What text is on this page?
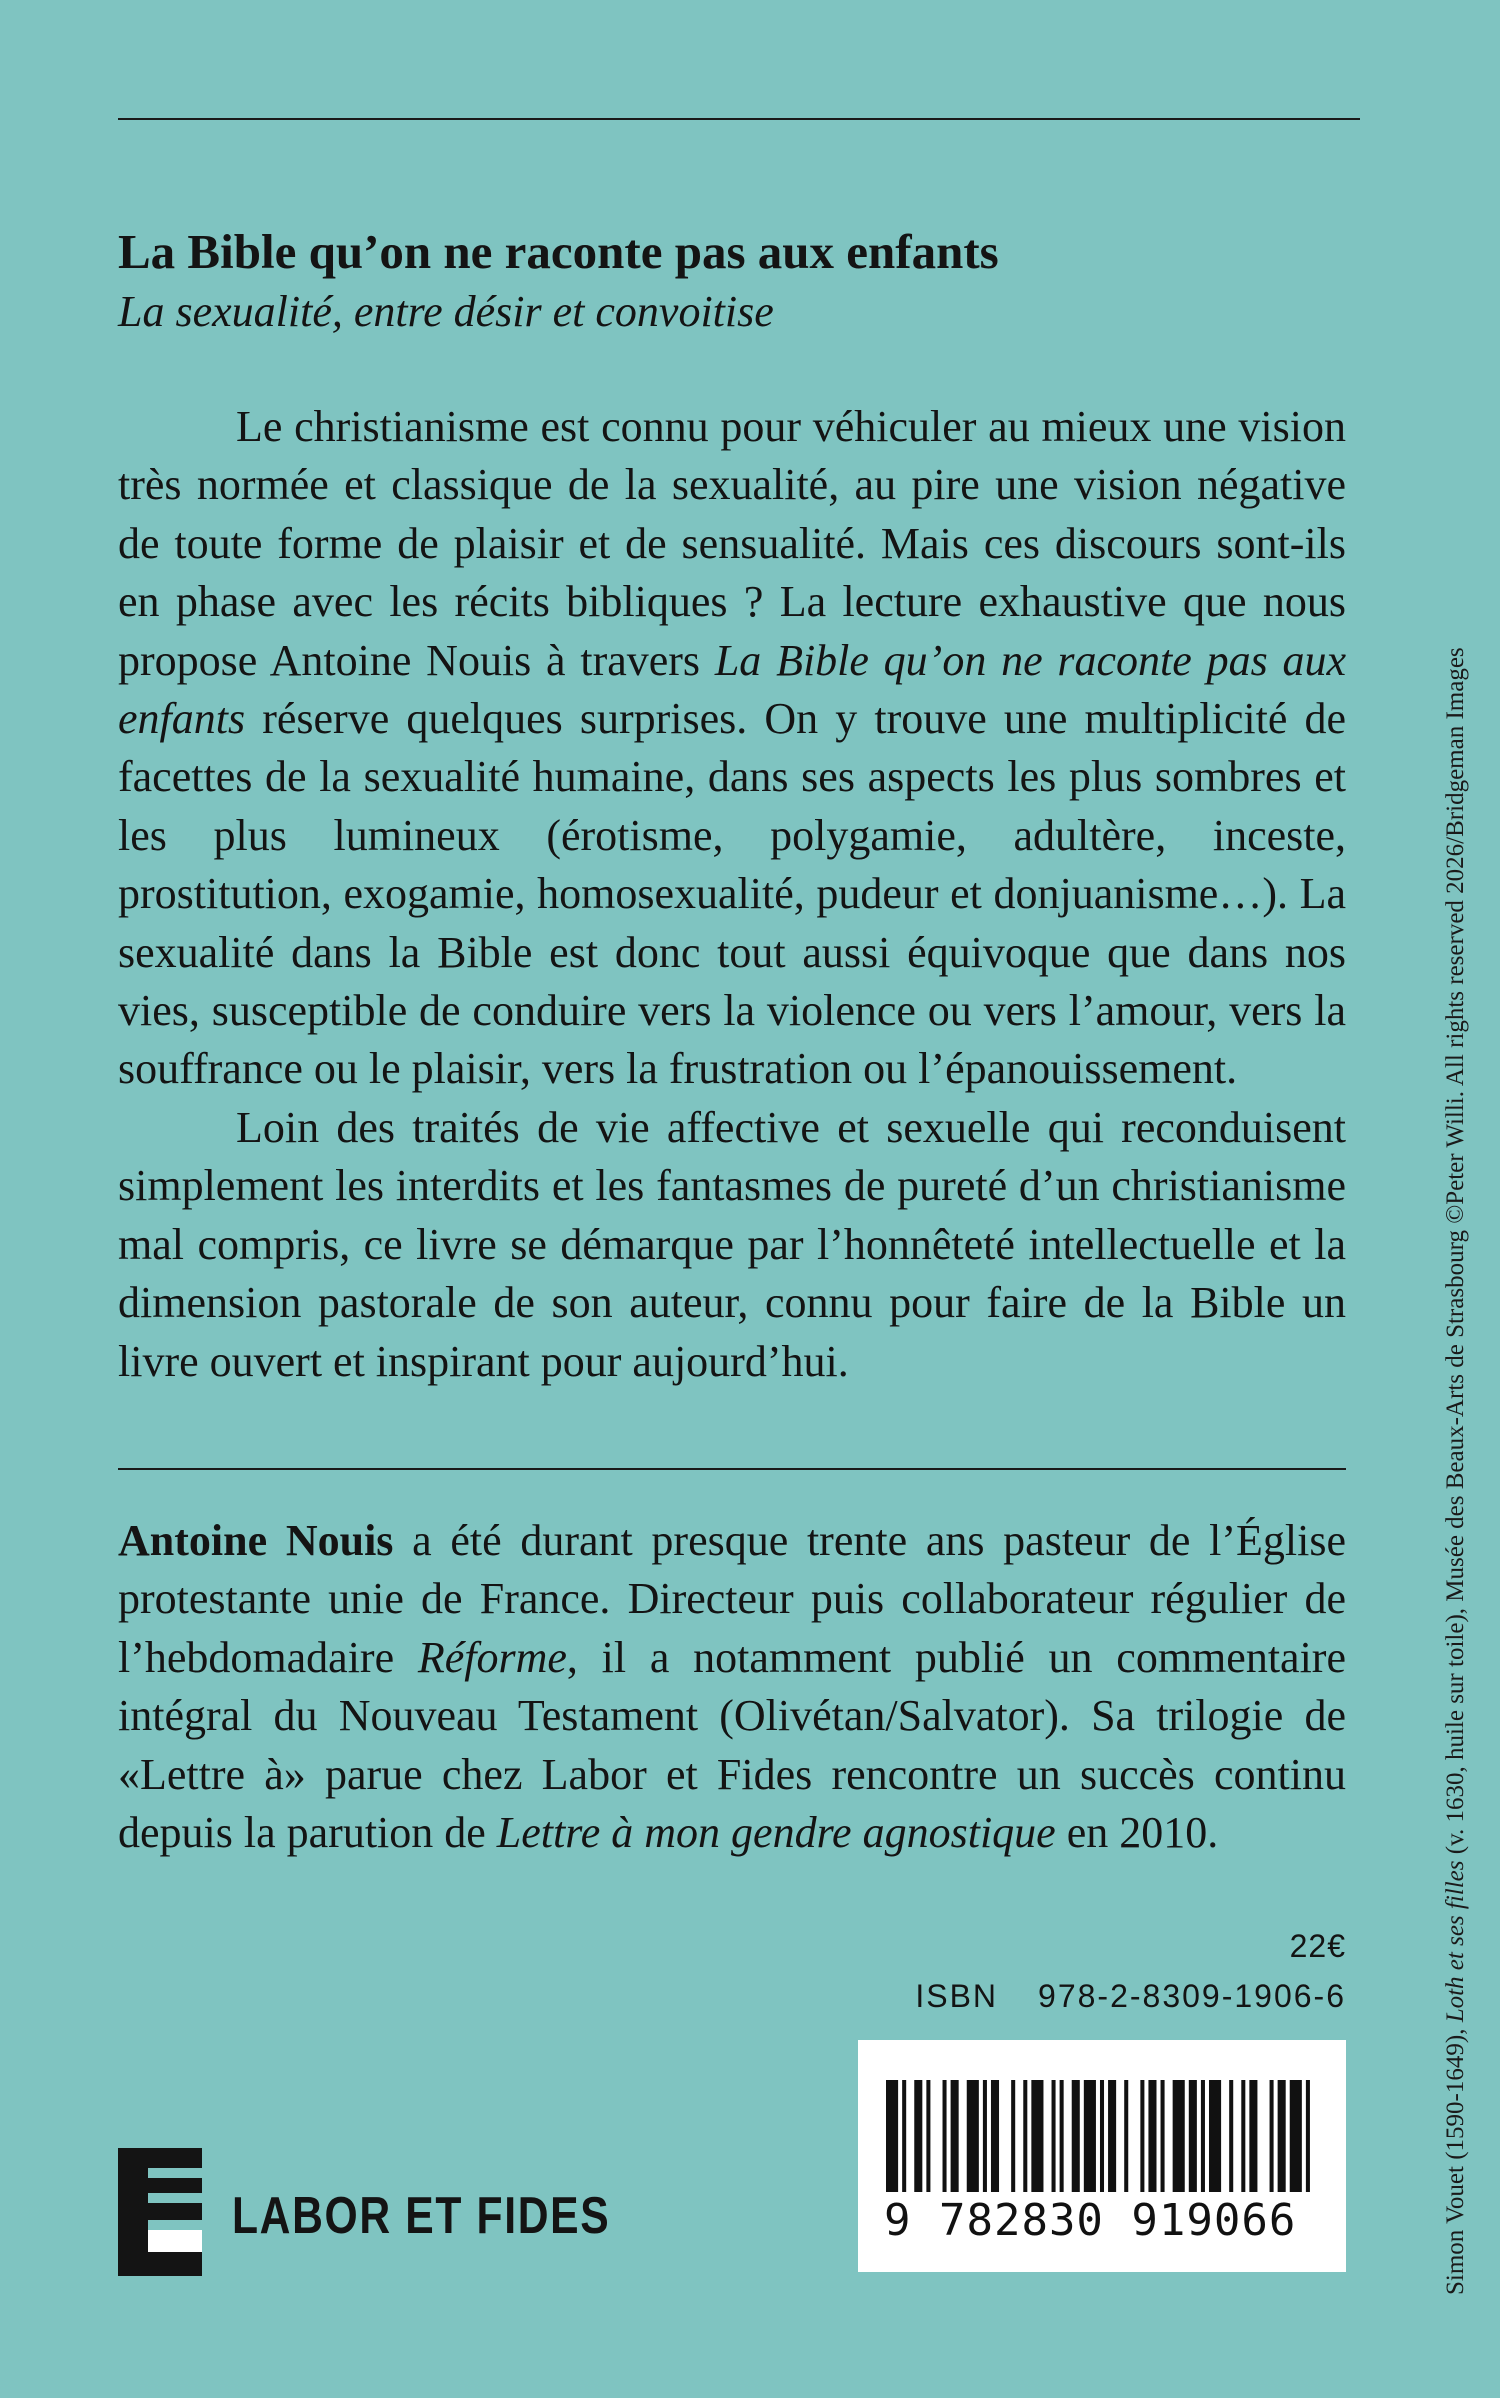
La Bible qu’on ne raconte pas aux enfants
La sexualité, entre désir et convoitise

Le christianisme est connu pour véhiculer au mieux une vision très normée et classique de la sexualité, au pire une vision négative de toute forme de plaisir et de sensualité. Mais ces discours sont-ils en phase avec les récits bibliques ? La lecture exhaustive que nous propose Antoine Nouis à travers La Bible qu’on ne raconte pas aux enfants réserve quelques surprises. On y trouve une multiplicité de facettes de la sexualité humaine, dans ses aspects les plus sombres et les plus lumineux (érotisme, polygamie, adultère, inceste, prostitution, exogamie, homosexualité, pudeur et donjuanisme…). La sexualité dans la Bible est donc tout aussi équivoque que dans nos vies, susceptible de conduire vers la violence ou vers l’amour, vers la souffrance ou le plaisir, vers la frustration ou l’épanouissement.

Loin des traités de vie affective et sexuelle qui reconduisent simplement les interdits et les fantasmes de pureté d’un christianisme mal compris, ce livre se démarque par l’honnêteté intellectuelle et la dimension pastorale de son auteur, connu pour faire de la Bible un livre ouvert et inspirant pour aujourd’hui.

Antoine Nouis a été durant presque trente ans pasteur de l’Église protestante unie de France. Directeur puis collaborateur régulier de l’hebdomadaire Réforme, il a notamment publié un commentaire intégral du Nouveau Testament (Olivétan/Salvator). Sa trilogie de «Lettre à» parue chez Labor et Fides rencontre un succès continu depuis la parution de Lettre à mon gendre agnostique en 2010.
22€
ISBN 978-2-8309-1906-6
9 782830 919066
LABOR ET FIDES	Simon Vouet (1590-1649), Loth et ses filles (v. 1630, huile sur toile), Musée des Beaux-Arts de Strasbourg ©Peter Willi. All rights reserved 2026/Bridgeman Images
